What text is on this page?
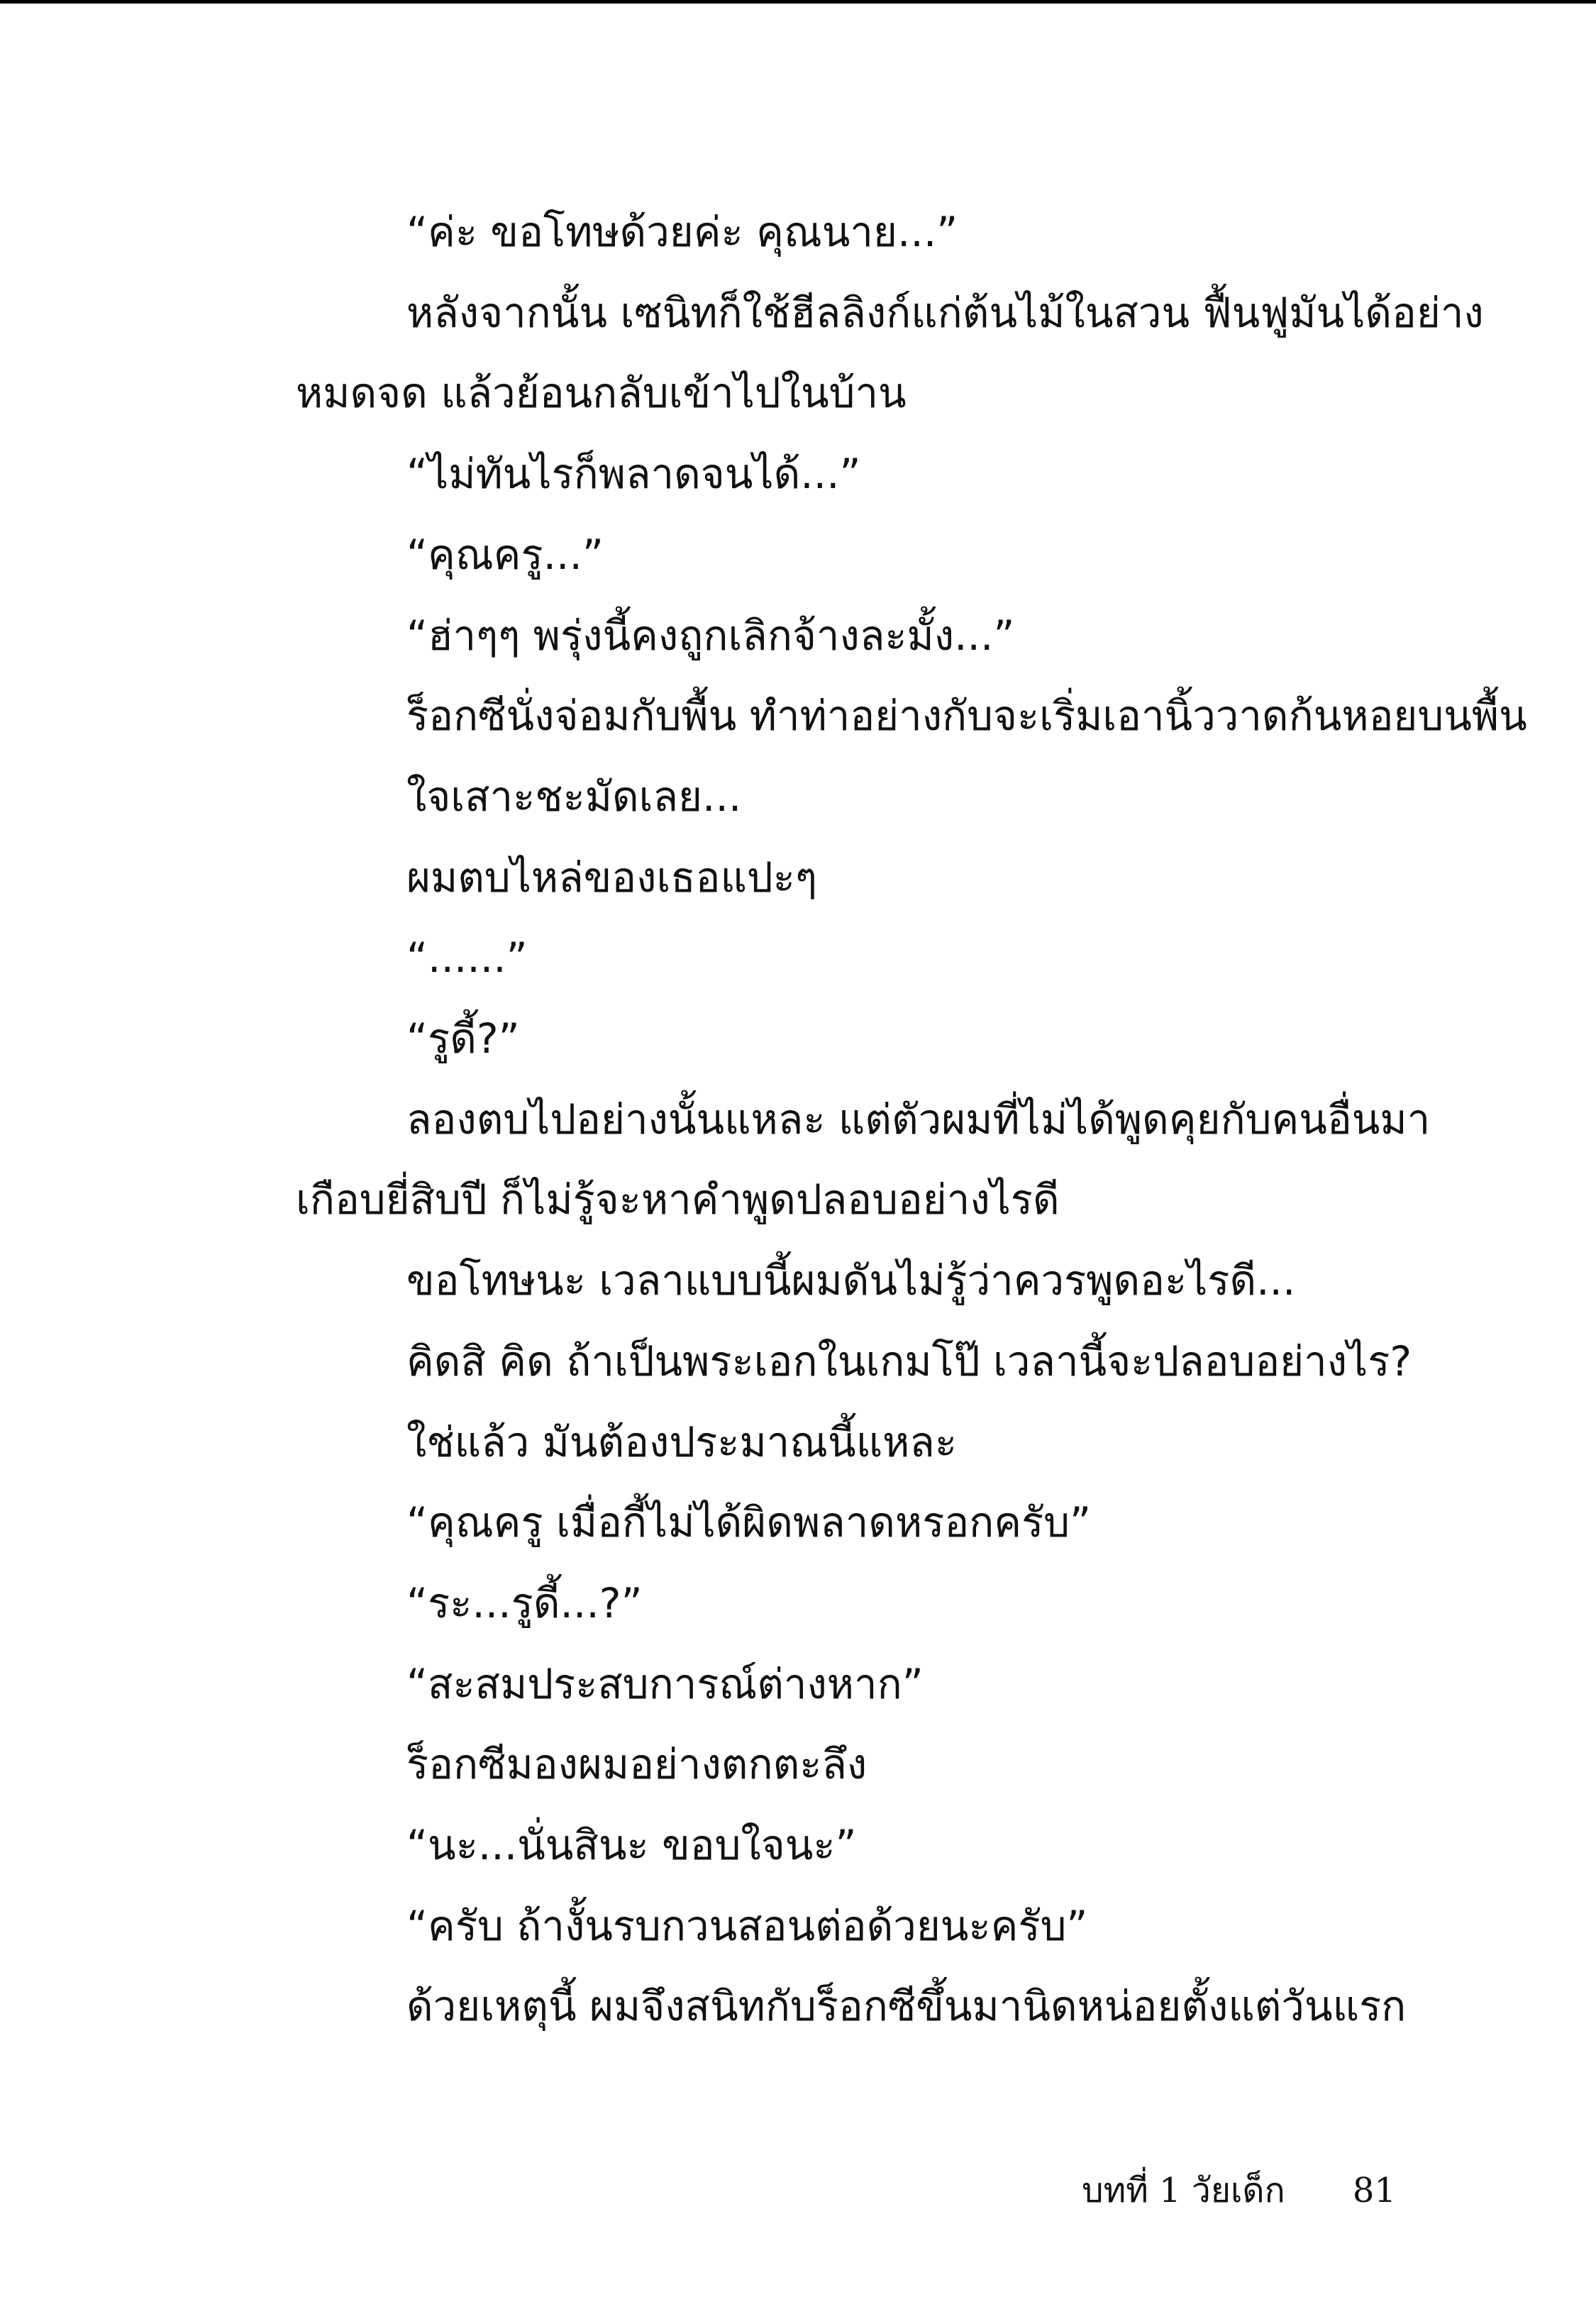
“ค่ะ ขอโทษด้วยค่ะ คุณนาย...”
หลังจากนั้น เซนิทก็ใช้ฮีลลิงก์แก่ต้นไม้ในสวน ฟื้นฟูมันได้อย่าง
หมดจด แล้วย้อนกลับเข้าไปในบ้าน
“ไม่ทันไรก็พลาดจนได้...”
“คุณครู...”
“ฮ่าๆๆ พรุ่งนี้คงถูกเลิกจ้างละมั้ง...”
ร็อกซีนั่งจ่อมกับพื้น ทำท่าอย่างกับจะเริ่มเอานิ้ววาดก้นหอยบนพื้น
ใจเสาะชะมัดเลย...
ผมตบไหล่ของเธอแปะๆ
“......”
“รูดี้?”
ลองตบไปอย่างนั้นแหละ แต่ตัวผมที่ไม่ได้พูดคุยกับคนอื่นมา
เกือบยี่สิบปี ก็ไม่รู้จะหาคำพูดปลอบอย่างไรดี
ขอโทษนะ เวลาแบบนี้ผมดันไม่รู้ว่าควรพูดอะไรดี...
คิดสิ คิด ถ้าเป็นพระเอกในเกมโป๊ เวลานี้จะปลอบอย่างไร?
ใช่แล้ว มันต้องประมาณนี้แหละ
“คุณครู เมื่อกี้ไม่ได้ผิดพลาดหรอกครับ”
“ระ...รูดี้...?”
“สะสมประสบการณ์ต่างหาก”
ร็อกซีมองผมอย่างตกตะลึง
“นะ...นั่นสินะ ขอบใจนะ”
“ครับ ถ้างั้นรบกวนสอนต่อด้วยนะครับ”
ด้วยเหตุนี้ ผมจึงสนิทกับร็อกซีขึ้นมานิดหน่อยตั้งแต่วันแรก
บทที่ 1 วัยเด็ก 81
